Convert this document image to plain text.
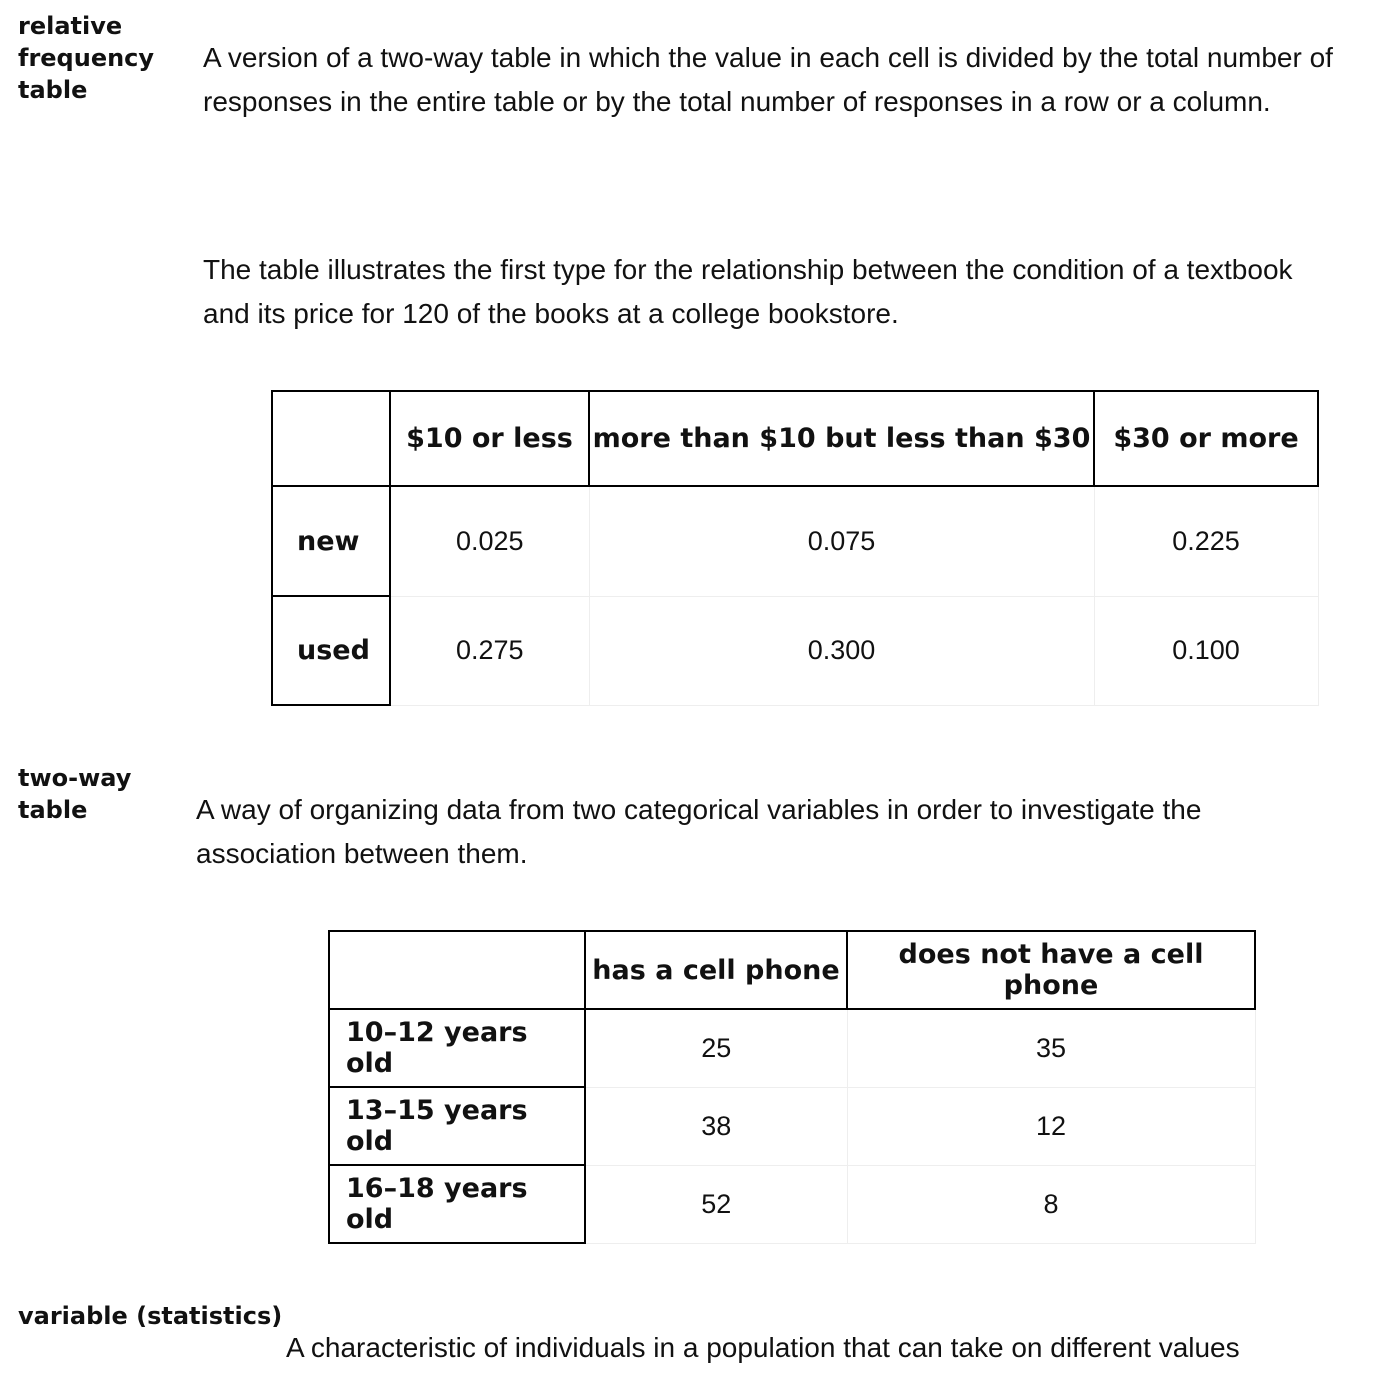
relative
frequency
table

A version of a two-way table in which the value in each cell is divided by the total number of responses in the entire table or by the total number of responses in a row or a column.

The table illustrates the first type for the relationship between the condition of a textbook and its price for 120 of the books at a college bookstore.

	$10 or less	more than $10 but less than $30	$30 or more
new	0.025	0.075	0.225
used	0.275	0.300	0.100

two-way
table	A way of organizing data from two categorical variables in order to investigate the association between them.

	has a cell phone	does not have a cell phone
10–12 years old	25	35
13–15 years old	38	12
16–18 years old	52	8

variable (statistics)

A characteristic of individuals in a population that can take on different values
